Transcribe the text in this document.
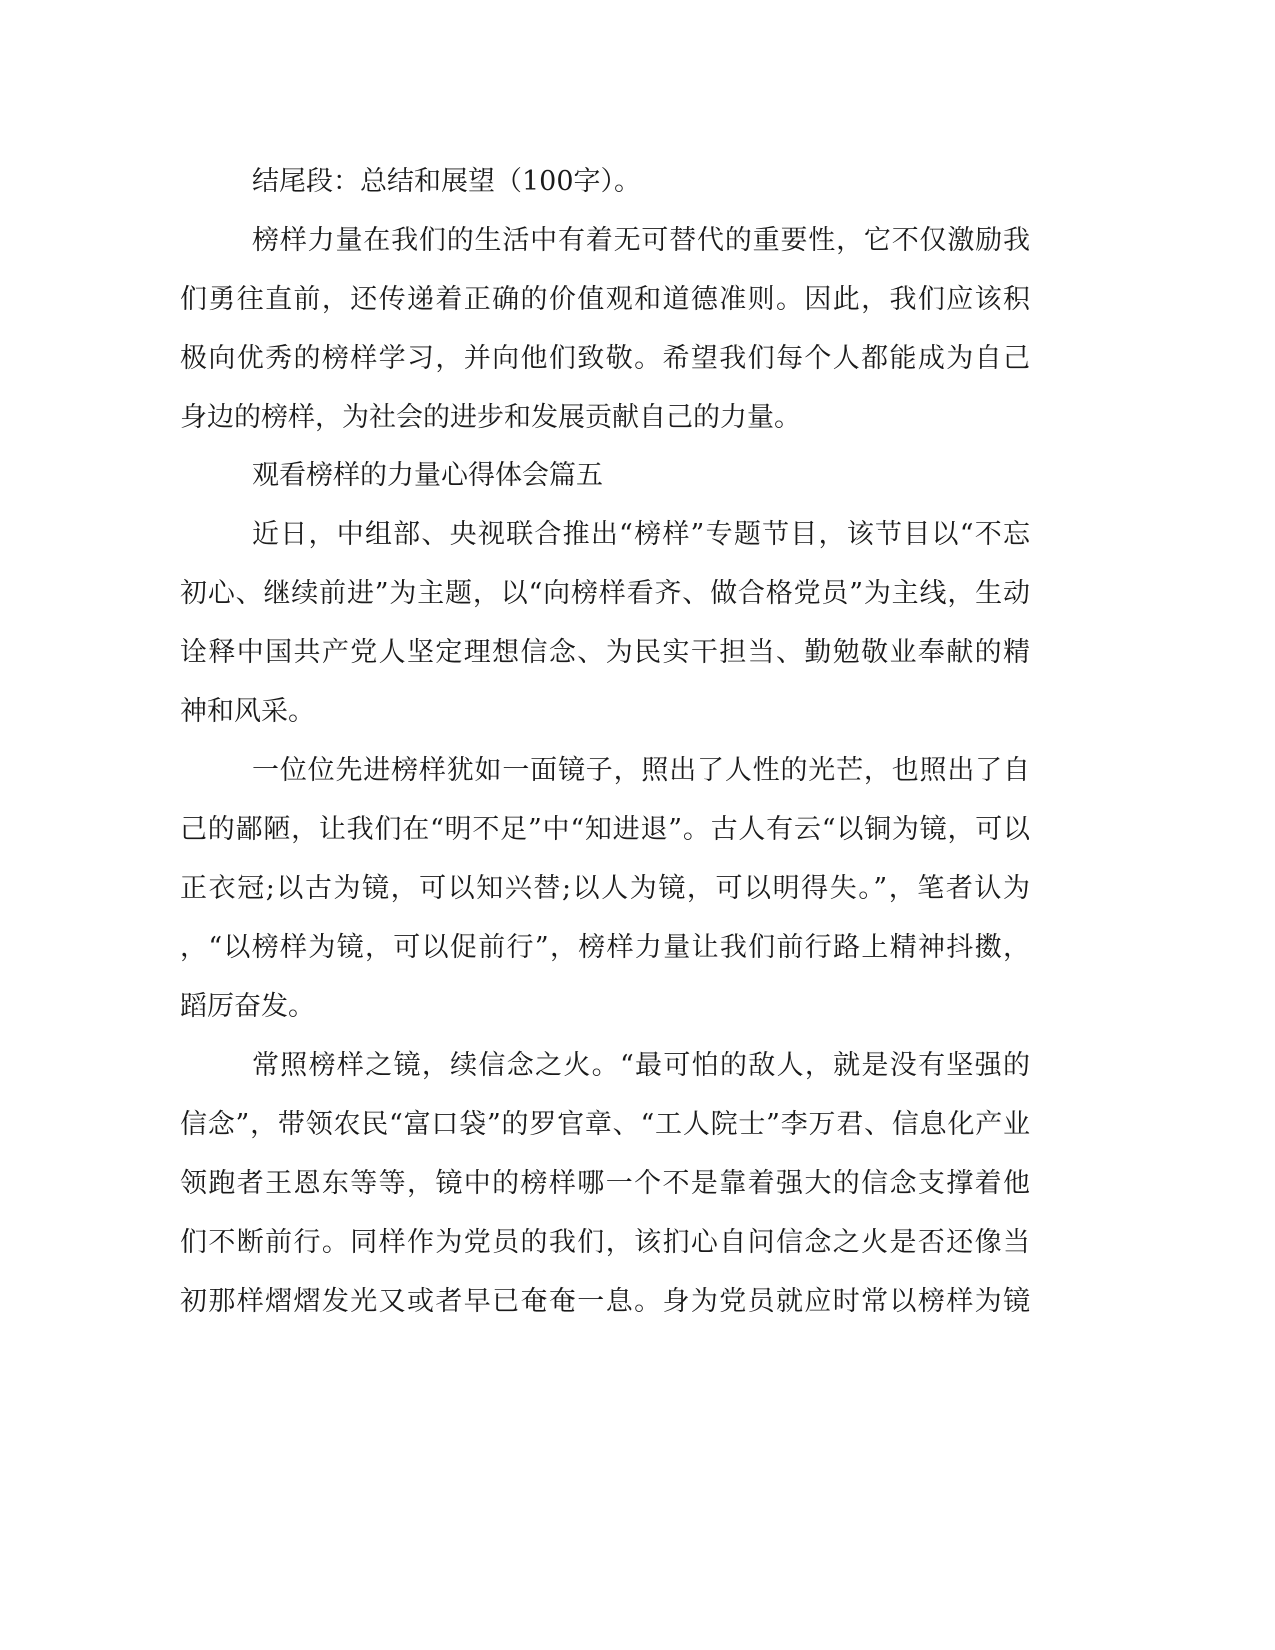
结尾段：总结和展望（100字）。
榜样力量在我们的生活中有着无可替代的重要性，它不仅激励我
们勇往直前，还传递着正确的价值观和道德准则。因此，我们应该积
极向优秀的榜样学习，并向他们致敬。希望我们每个人都能成为自己
身边的榜样，为社会的进步和发展贡献自己的力量。
观看榜样的力量心得体会篇五
近日，中组部、央视联合推出“榜样”专题节目，该节目以“不忘
初心、继续前进”为主题，以“向榜样看齐、做合格党员”为主线，生动
诠释中国共产党人坚定理想信念、为民实干担当、勤勉敬业奉献的精
神和风采。
一位位先进榜样犹如一面镜子，照出了人性的光芒，也照出了自
己的鄙陋，让我们在“明不足”中“知进退”。古人有云“以铜为镜，可以
正衣冠;以古为镜，可以知兴替;以人为镜，可以明得失。”，笔者认为
，“以榜样为镜，可以促前行”，榜样力量让我们前行路上精神抖擞，
蹈厉奋发。
常照榜样之镜，续信念之火。“最可怕的敌人，就是没有坚强的
信念”，带领农民“富口袋”的罗官章、“工人院士”李万君、信息化产业
领跑者王恩东等等，镜中的榜样哪一个不是靠着强大的信念支撑着他
们不断前行。同样作为党员的我们，该扪心自问信念之火是否还像当
初那样熠熠发光又或者早已奄奄一息。身为党员就应时常以榜样为镜
